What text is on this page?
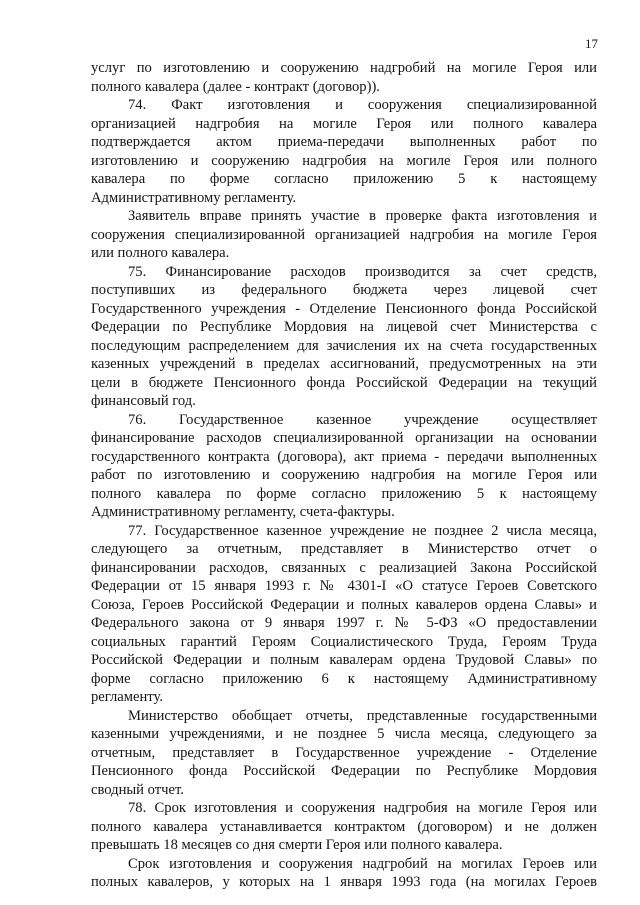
17
услуг по изготовлению и сооружению надгробий на могиле Героя или
полного кавалера (далее - контракт (договор)).
74. Факт изготовления и сооружения специализированной
организацией надгробия на могиле Героя или полного кавалера
подтверждается актом приема-передачи выполненных работ по
изготовлению и сооружению надгробия на могиле Героя или полного
кавалера по форме согласно приложению 5 к настоящему
Административному регламенту.
Заявитель вправе принять участие в проверке факта изготовления и
сооружения специализированной организацией надгробия на могиле Героя
или полного кавалера.
75. Финансирование расходов производится за счет средств,
поступивших из федерального бюджета через лицевой счет
Государственного учреждения - Отделение Пенсионного фонда Российской
Федерации по Республике Мордовия на лицевой счет Министерства с
последующим распределением для зачисления их на счета государственных
казенных учреждений в пределах ассигнований, предусмотренных на эти
цели в бюджете Пенсионного фонда Российской Федерации на текущий
финансовый год.
76. Государственное казенное учреждение осуществляет
финансирование расходов специализированной организации на основании
государственного контракта (договора), акт приема - передачи выполненных
работ по изготовлению и сооружению надгробия на могиле Героя или
полного кавалера по форме согласно приложению 5 к настоящему
Административному регламенту, счета-фактуры.
77. Государственное казенное учреждение не позднее 2 числа месяца,
следующего за отчетным, представляет в Министерство отчет о
финансировании расходов, связанных с реализацией Закона Российской
Федерации от 15 января 1993 г. № 4301-I «О статусе Героев Советского
Союза, Героев Российской Федерации и полных кавалеров ордена Славы» и
Федерального закона от 9 января 1997 г. № 5-ФЗ «О предоставлении
социальных гарантий Героям Социалистического Труда, Героям Труда
Российской Федерации и полным кавалерам ордена Трудовой Славы» по
форме согласно приложению 6 к настоящему Административному
регламенту.
Министерство обобщает отчеты, представленные государственными
казенными учреждениями, и не позднее 5 числа месяца, следующего за
отчетным, представляет в Государственное учреждение - Отделение
Пенсионного фонда Российской Федерации по Республике Мордовия
сводный отчет.
78. Срок изготовления и сооружения надгробия на могиле Героя или
полного кавалера устанавливается контрактом (договором) и не должен
превышать 18 месяцев со дня смерти Героя или полного кавалера.
Срок изготовления и сооружения надгробий на могилах Героев или
полных кавалеров, у которых на 1 января 1993 года (на могилах Героев
